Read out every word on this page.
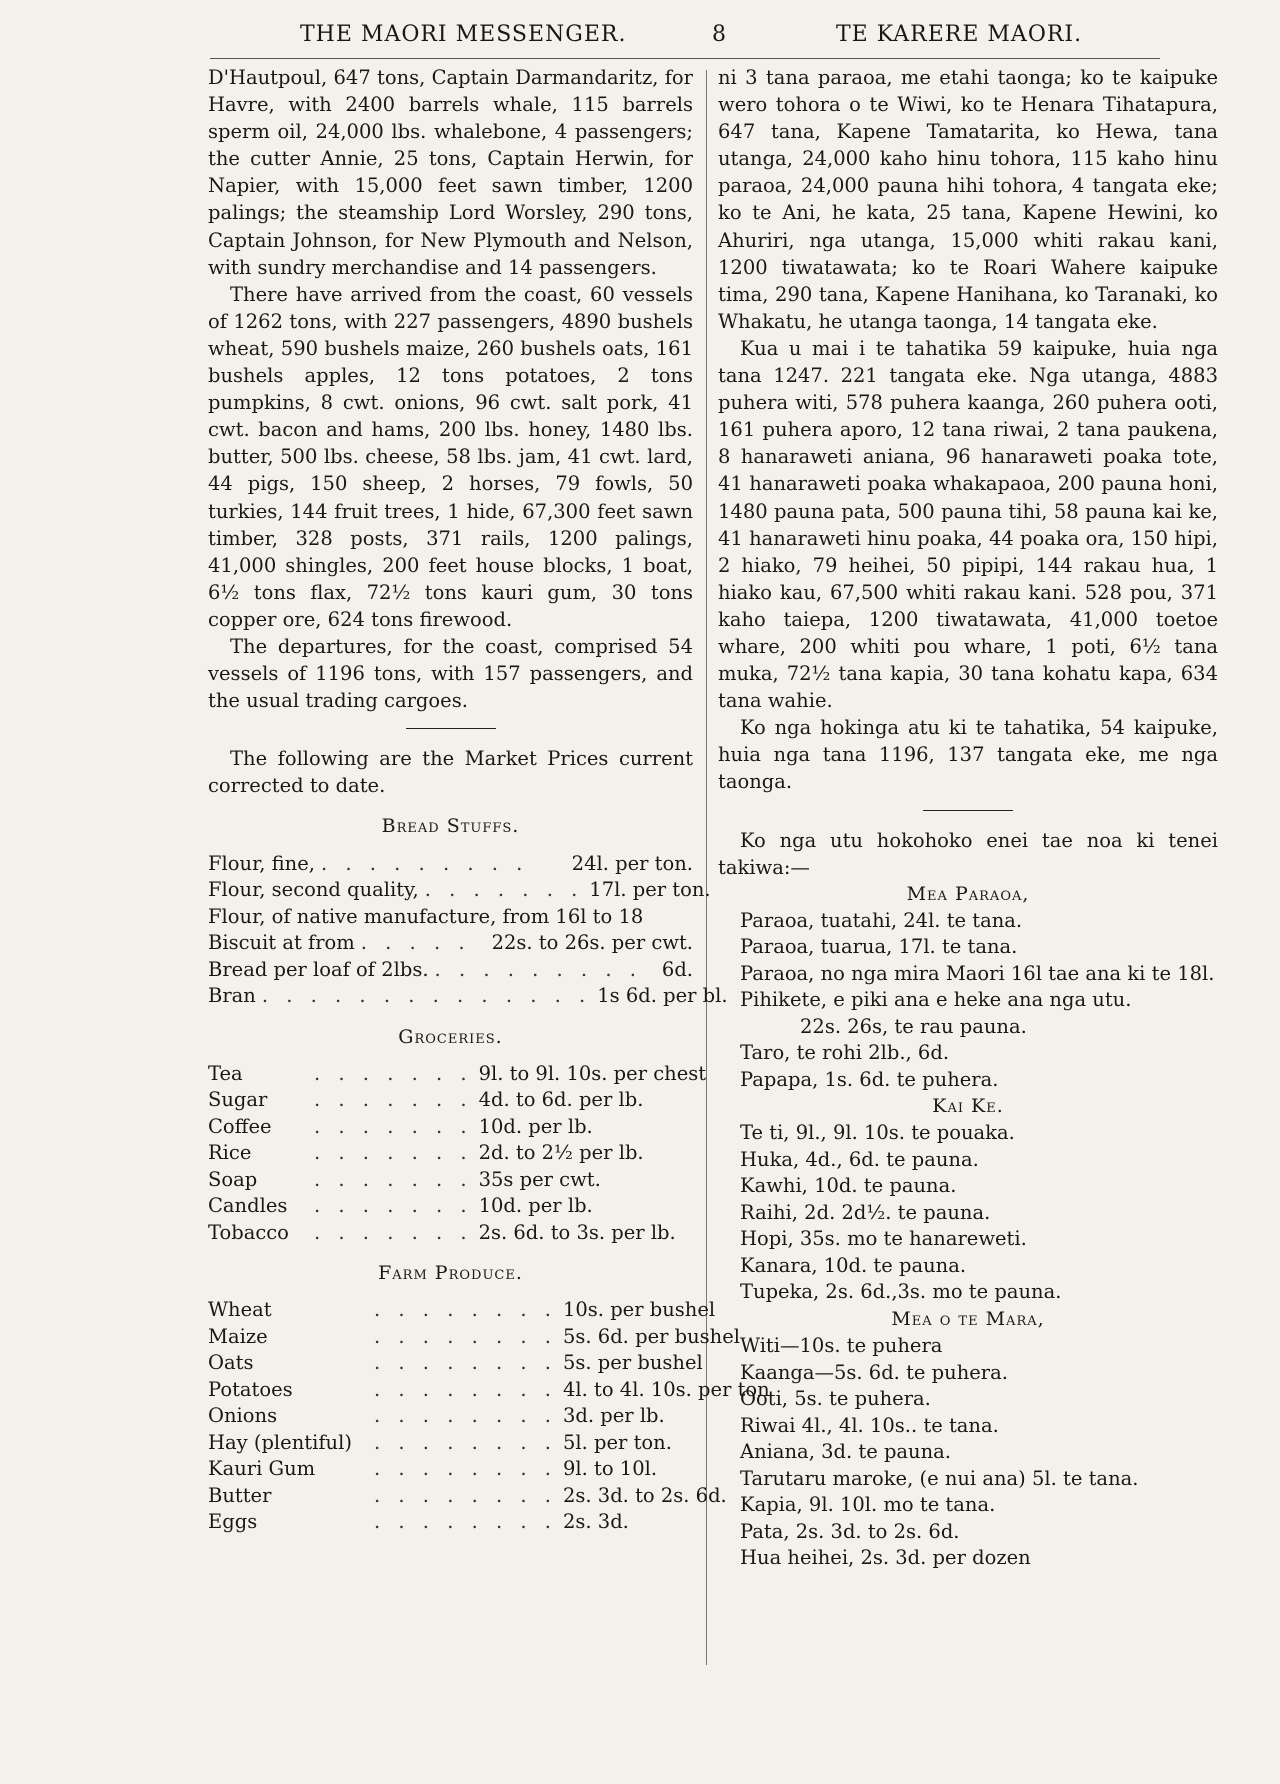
THE MAORI MESSENGER.	8	TE KARERE MAORI.

D'Hautpoul, 647 tons, Captain Darmandaritz, for Havre, with 2400 barrels whale, 115 barrels sperm oil, 24,000 lbs. whalebone, 4 passengers; the cutter Annie, 25 tons, Captain Herwin, for Napier, with 15,000 feet sawn timber, 1200 palings; the steamship Lord Worsley, 290 tons, Captain Johnson, for New Plymouth and Nelson, with sundry merchandise and 14 passengers.

There have arrived from the coast, 60 vessels of 1262 tons, with 227 passengers, 4890 bushels wheat, 590 bushels maize, 260 bushels oats, 161 bushels apples, 12 tons potatoes, 2 tons pumpkins, 8 cwt. onions, 96 cwt. salt pork, 41 cwt. bacon and hams, 200 lbs. honey, 1480 lbs. butter, 500 lbs. cheese, 58 lbs. jam, 41 cwt. lard, 44 pigs, 150 sheep, 2 horses, 79 fowls, 50 turkies, 144 fruit trees, 1 hide, 67,300 feet sawn timber, 328 posts, 371 rails, 1200 palings, 41,000 shingles, 200 feet house blocks, 1 boat, 6½ tons flax, 72½ tons kauri gum, 30 tons copper ore, 624 tons firewood.

The departures, for the coast, comprised 54 vessels of 1196 tons, with 157 passengers, and the usual trading cargoes.

The following are the Market Prices current corrected to date.

Bread Stuffs.
Flour, fine, . . . . . . . . .	24l. per ton.
Flour, second quality, . . . . . . . 17l. per ton.
Flour, of native manufacture, from 16l to 18
Biscuit at from . . . . .	22s. to 26s. per cwt.
Bread per loaf of 2lbs. . . . . . . . . .	6d.
Bran . . . . . . . . . . . . . . 1s 6d. per bl.
Groceries.
Tea	. . . . . . . 9l. to 9l. 10s. per chest
Sugar	. . . . . . . 4d. to 6d. per lb.
Coffee	. . . . . . . 10d. per lb.
Rice	. . . . . . . 2d. to 2½ per lb.
Soap	. . . . . . . 35s per cwt.
Candles	. . . . . . . 10d. per lb.
Tobacco	. . . . . . . 2s. 6d. to 3s. per lb.
Farm Produce.
Wheat	. . . . . . . . 10s. per bushel
Maize	. . . . . . . . 5s. 6d. per bushel
Oats	. . . . . . . . 5s. per bushel
Potatoes	. . . . . . . . 4l. to 4l. 10s. per ton
Onions	. . . . . . . . 3d. per lb.
Hay (plentiful)	. . . . . . . . 5l. per ton.
Kauri Gum	. . . . . . . . 9l. to 10l.
Butter	. . . . . . . . 2s. 3d. to 2s. 6d.
Eggs	. . . . . . . . 2s. 3d.

ni 3 tana paraoa, me etahi taonga; ko te kaipuke wero tohora o te Wiwi, ko te Henara Tihatapura, 647 tana, Kapene Tamatarita, ko Hewa, tana utanga, 24,000 kaho hinu tohora, 115 kaho hinu paraoa, 24,000 pauna hihi tohora, 4 tangata eke; ko te Ani, he kata, 25 tana, Kapene Hewini, ko Ahuriri, nga utanga, 15,000 whiti rakau kani, 1200 tiwatawata; ko te Roari Wahere kaipuke tima, 290 tana, Kapene Hanihana, ko Taranaki, ko Whakatu, he utanga taonga, 14 tangata eke.

Kua u mai i te tahatika 59 kaipuke, huia nga tana 1247. 221 tangata eke. Nga utanga, 4883 puhera witi, 578 puhera kaanga, 260 puhera ooti, 161 puhera aporo, 12 tana riwai, 2 tana paukena, 8 hanaraweti aniana, 96 hanaraweti poaka tote, 41 hanaraweti poaka whakapaoa, 200 pauna honi, 1480 pauna pata, 500 pauna tihi, 58 pauna kai ke, 41 hanaraweti hinu poaka, 44 poaka ora, 150 hipi, 2 hiako, 79 heihei, 50 pipipi, 144 rakau hua, 1 hiako kau, 67,500 whiti rakau kani. 528 pou, 371 kaho taiepa, 1200 tiwatawata, 41,000 toetoe whare, 200 whiti pou whare, 1 poti, 6½ tana muka, 72½ tana kapia, 30 tana kohatu kapa, 634 tana wahie.

Ko nga hokinga atu ki te tahatika, 54 kaipuke, huia nga tana 1196, 137 tangata eke, me nga taonga.

Ko nga utu hokohoko enei tae noa ki tenei takiwa:—

Mea Paraoa,

Paraoa, tuatahi, 24l. te tana.

Paraoa, tuarua, 17l. te tana.

Paraoa, no nga mira Maori 16l tae ana ki te 18l.

Pihikete, e piki ana e heke ana nga utu.

22s. 26s, te rau pauna.

Taro, te rohi 2lb., 6d.

Papapa, 1s. 6d. te puhera.

Kai Ke.

Te ti, 9l., 9l. 10s. te pouaka.

Huka, 4d., 6d. te pauna.

Kawhi, 10d. te pauna.

Raihi, 2d. 2d½. te pauna.

Hopi, 35s. mo te hanareweti.

Kanara, 10d. te pauna.

Tupeka, 2s. 6d.,3s. mo te pauna.

Mea o te Mara,

Witi—10s. te puhera

Kaanga—5s. 6d. te puhera.

Ooti, 5s. te puhera.

Riwai 4l., 4l. 10s.. te tana.

Aniana, 3d. te pauna.

Tarutaru maroke, (e nui ana) 5l. te tana.

Kapia, 9l. 10l. mo te tana.

Pata, 2s. 3d. to 2s. 6d.

Hua heihei, 2s. 3d. per dozen
